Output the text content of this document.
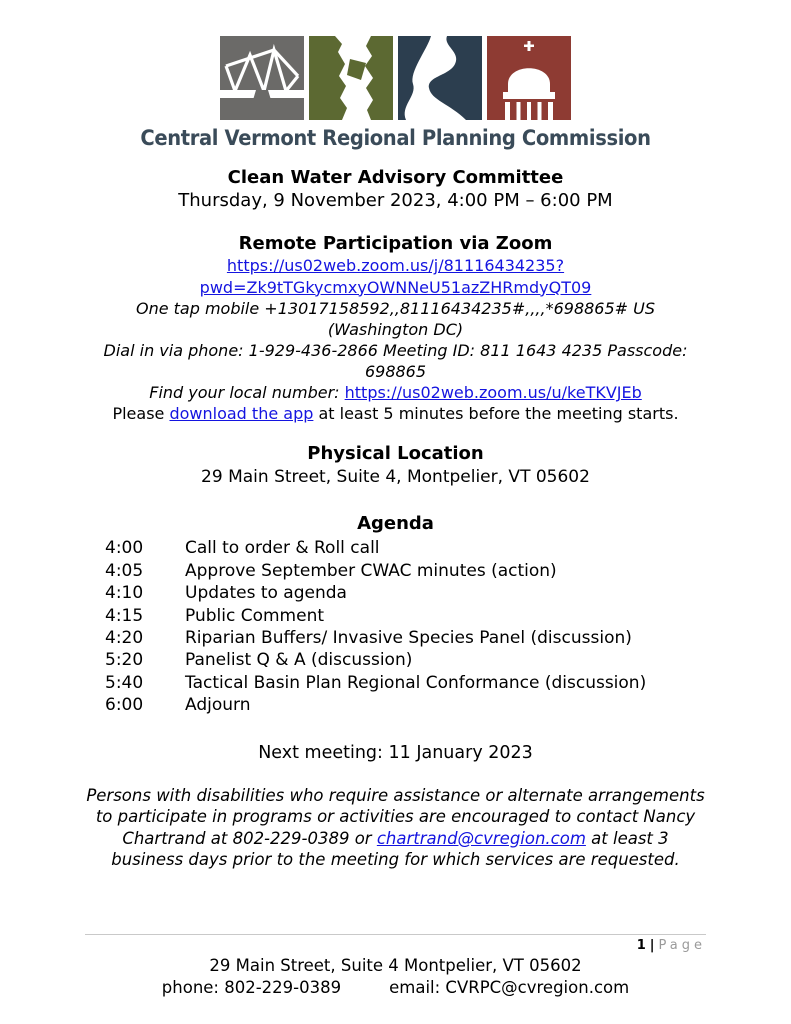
Central Vermont Regional Planning Commission
Clean Water Advisory Committee
Thursday, 9 November 2023, 4:00 PM – 6:00 PM
Remote Participation via Zoom
https://us02web.zoom.us/j/81116434235?pwd=Zk9tTGkycmxyOWNNeU51azZHRmdyQT09
One tap mobile +13017158592,,81116434235#,,,,*698865# US (Washington DC)
Dial in via phone: 1-929-436-2866 Meeting ID: 811 1643 4235 Passcode: 698865
Find your local number: https://us02web.zoom.us/u/keTKVJEb
Please download the app at least 5 minutes before the meeting starts.
Physical Location
29 Main Street, Suite 4, Montpelier, VT 05602
Agenda
4:00	Call to order & Roll call
4:05	Approve September CWAC minutes (action)
4:10	Updates to agenda
4:15	Public Comment
4:20	Riparian Buffers/ Invasive Species Panel (discussion)
5:20	Panelist Q & A (discussion)
5:40	Tactical Basin Plan Regional Conformance (discussion)
6:00	Adjourn
Next meeting: 11 January 2023
Persons with disabilities who require assistance or alternate arrangements to participate in programs or activities are encouraged to contact Nancy Chartrand at 802-229-0389 or chartrand@cvregion.com at least 3 business days prior to the meeting for which services are requested.
1 | Page
29 Main Street, Suite 4 Montpelier, VT 05602
phone: 802-229-0389	email: CVRPC@cvregion.com
